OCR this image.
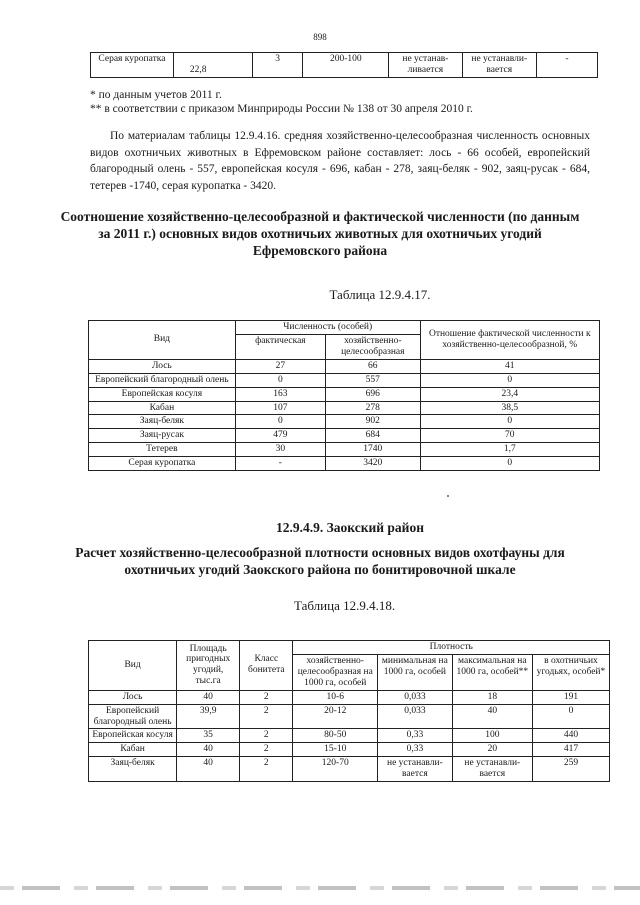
898
Серая куропатка	22,8	3	200-100	не устанав-ливается	не устанавли-вается	-
* по данным учетов 2011 г.
** в соответствии с приказом Минприроды России № 138 от 30 апреля 2010 г.

По материалам таблицы 12.9.4.16. средняя хозяйственно-целесообразная численность основных видов охотничьих животных в Ефремовском районе составляет: лось - 66 особей, европейский благородный олень - 557, европейская косуля - 696, кабан - 278, заяц-беляк - 902, заяц-русак - 684, тетерев -1740, серая куропатка - 3420.

Соотношение хозяйственно-целесообразной и фактической численности (по данным за 2011 г.) основных видов охотничьих животных для охотничьих угодий Ефремовского района
Таблица 12.9.4.17.
Вид	Численность (особей)		Отношение фактической численности к хозяйственно-целесообразной, %
	фактическая	хозяйственно-целесообразная	
Лось	27	66	41
Европейский благородный олень	0	557	0
Европейская косуля	163	696	23,4
Кабан	107	278	38,5
Заяц-беляк	0	902	0
Заяц-русак	479	684	70
Тетерев	30	1740	1,7
Серая куропатка	-	3420	0
12.9.4.9. Заокский район
Расчет хозяйственно-целесообразной плотности основных видов охотфауны для охотничьих угодий Заокского района по бонитировочной шкале
Таблица 12.9.4.18.
Вид	Площадь пригодных угодий, тыс.га	Класс бонитета	Плотность			
			хозяйственно-целесообразная на 1000 га, особей	минимальная на 1000 га, особей	максимальная на 1000 га, особей**	в охотничьих угодьях, особей*
Лось	40	2	10-6	0,033	18	191
Европейский благородный олень	39,9	2	20-12	0,033	40	0
Европейская косуля	35	2	80-50	0,33	100	440
Кабан	40	2	15-10	0,33	20	417
Заяц-беляк	40	2	120-70	не устанавли-вается	не устанавли-вается	259
